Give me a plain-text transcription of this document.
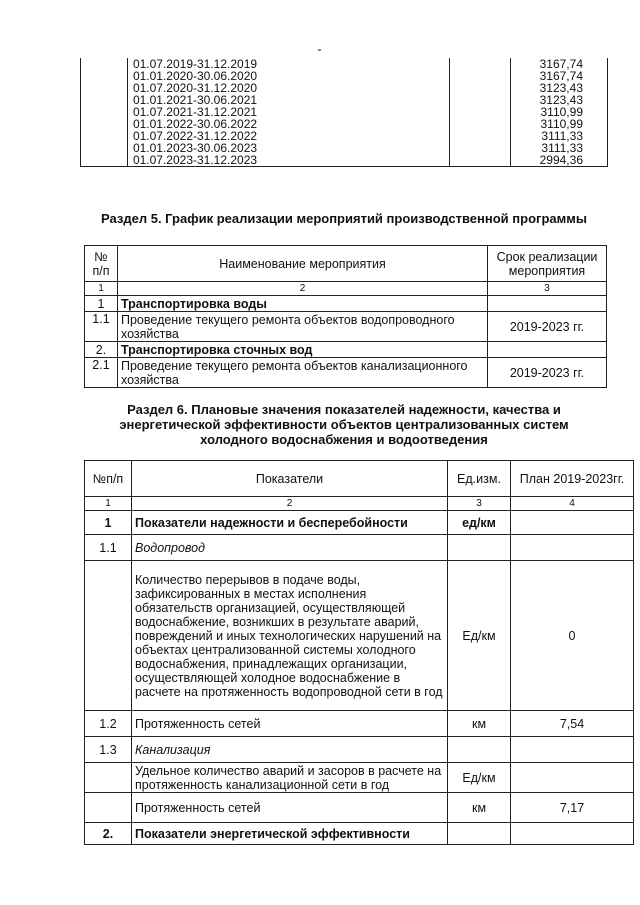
	01.07.2019-31.12.2019		3167,74
	01.01.2020-30.06.2020		3167,74
	01.07.2020-31.12.2020		3123,43
	01.01.2021-30.06.2021		3123,43
	01.07.2021-31.12.2021		3110,99
	01.01.2022-30.06.2022		3110,99
	01.07.2022-31.12.2022		3111,33
	01.01.2023-30.06.2023		3111,33
	01.07.2023-31.12.2023		2994,36
Раздел 5. График реализации мероприятий производственной программы
№ п/п	Наименование мероприятия	Срок реализации мероприятия
1	2	3
1	Транспортировка воды	
1.1	Проведение текущего ремонта объектов водопроводного хозяйства	2019-2023 гг.
2.	Транспортировка сточных вод	
2.1	Проведение текущего ремонта объектов канализационного хозяйства	2019-2023 гг.
Раздел 6. Плановые значения показателей надежности, качества и энергетической эффективности объектов централизованных систем холодного водоснабжения и водоотведения
№п/п	Показатели	Ед.изм.	План 2019-2023гг.
1	2	3	4
1	Показатели надежности и бесперебойности	ед/км	
1.1	Водопровод		
	Количество перерывов в подаче воды, зафиксированных в местах исполнения обязательств организацией, осуществляющей водоснабжение, возникших в результате аварий, повреждений и иных технологических нарушений на объектах централизованной системы холодного водоснабжения, принадлежащих организации, осуществляющей холодное водоснабжение в расчете на протяженность водопроводной сети в год	Ед/км	0
1.2	Протяженность сетей	км	7,54
1.3	Канализация		
	Удельное количество аварий и засоров в расчете на протяженность канализационной сети в год	Ед/км	
	Протяженность сетей	км	7,17
2.	Показатели энергетической эффективности		
